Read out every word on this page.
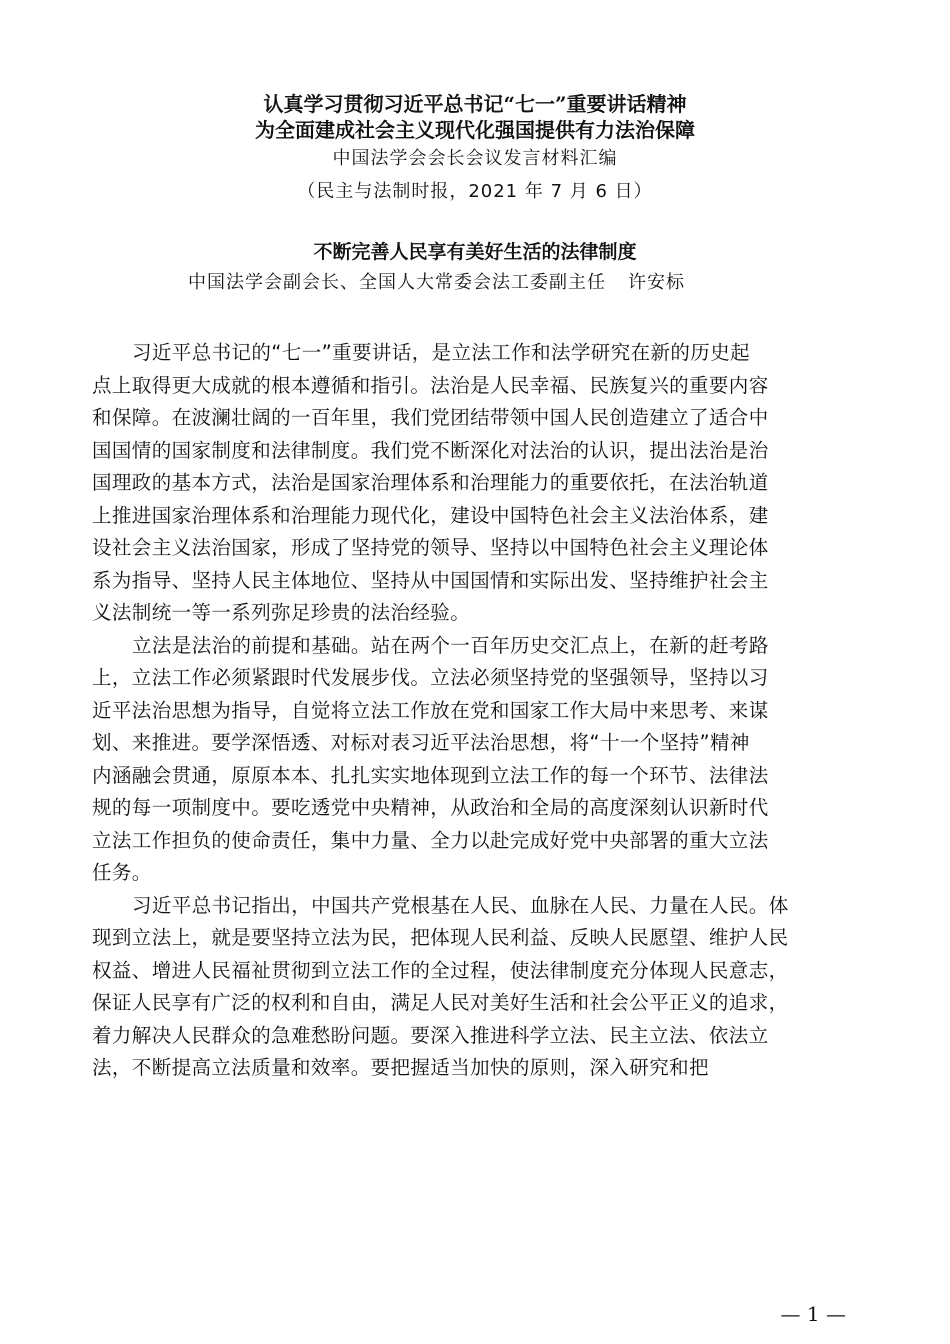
认真学习贯彻习近平总书记“七一”重要讲话精神
为全面建成社会主义现代化强国提供有力法治保障
中国法学会会长会议发言材料汇编
（民主与法制时报，2021 年 7 月 6 日）
不断完善人民享有美好生活的法律制度
中国法学会副会长、全国人大常委会法工委副主任 许安标
习近平总书记的“七一”重要讲话，是立法工作和法学研究在新的历史起
点上取得更大成就的根本遵循和指引。法治是人民幸福、民族复兴的重要内容
和保障。在波澜壮阔的一百年里，我们党团结带领中国人民创造建立了适合中
国国情的国家制度和法律制度。我们党不断深化对法治的认识，提出法治是治
国理政的基本方式，法治是国家治理体系和治理能力的重要依托，在法治轨道
上推进国家治理体系和治理能力现代化，建设中国特色社会主义法治体系，建
设社会主义法治国家，形成了坚持党的领导、坚持以中国特色社会主义理论体
系为指导、坚持人民主体地位、坚持从中国国情和实际出发、坚持维护社会主
义法制统一等一系列弥足珍贵的法治经验。
立法是法治的前提和基础。站在两个一百年历史交汇点上，在新的赶考路
上，立法工作必须紧跟时代发展步伐。立法必须坚持党的坚强领导，坚持以习
近平法治思想为指导，自觉将立法工作放在党和国家工作大局中来思考、来谋
划、来推进。要学深悟透、对标对表习近平法治思想，将“十一个坚持”精神
内涵融会贯通，原原本本、扎扎实实地体现到立法工作的每一个环节、法律法
规的每一项制度中。要吃透党中央精神，从政治和全局的高度深刻认识新时代
立法工作担负的使命责任，集中力量、全力以赴完成好党中央部署的重大立法
任务。
习近平总书记指出，中国共产党根基在人民、血脉在人民、力量在人民。体
现到立法上，就是要坚持立法为民，把体现人民利益、反映人民愿望、维护人民
权益、增进人民福祉贯彻到立法工作的全过程，使法律制度充分体现人民意志，
保证人民享有广泛的权利和自由，满足人民对美好生活和社会公平正义的追求，
着力解决人民群众的急难愁盼问题。要深入推进科学立法、民主立法、依法立
法，不断提高立法质量和效率。要把握适当加快的原则，深入研究和把
— 1 —
